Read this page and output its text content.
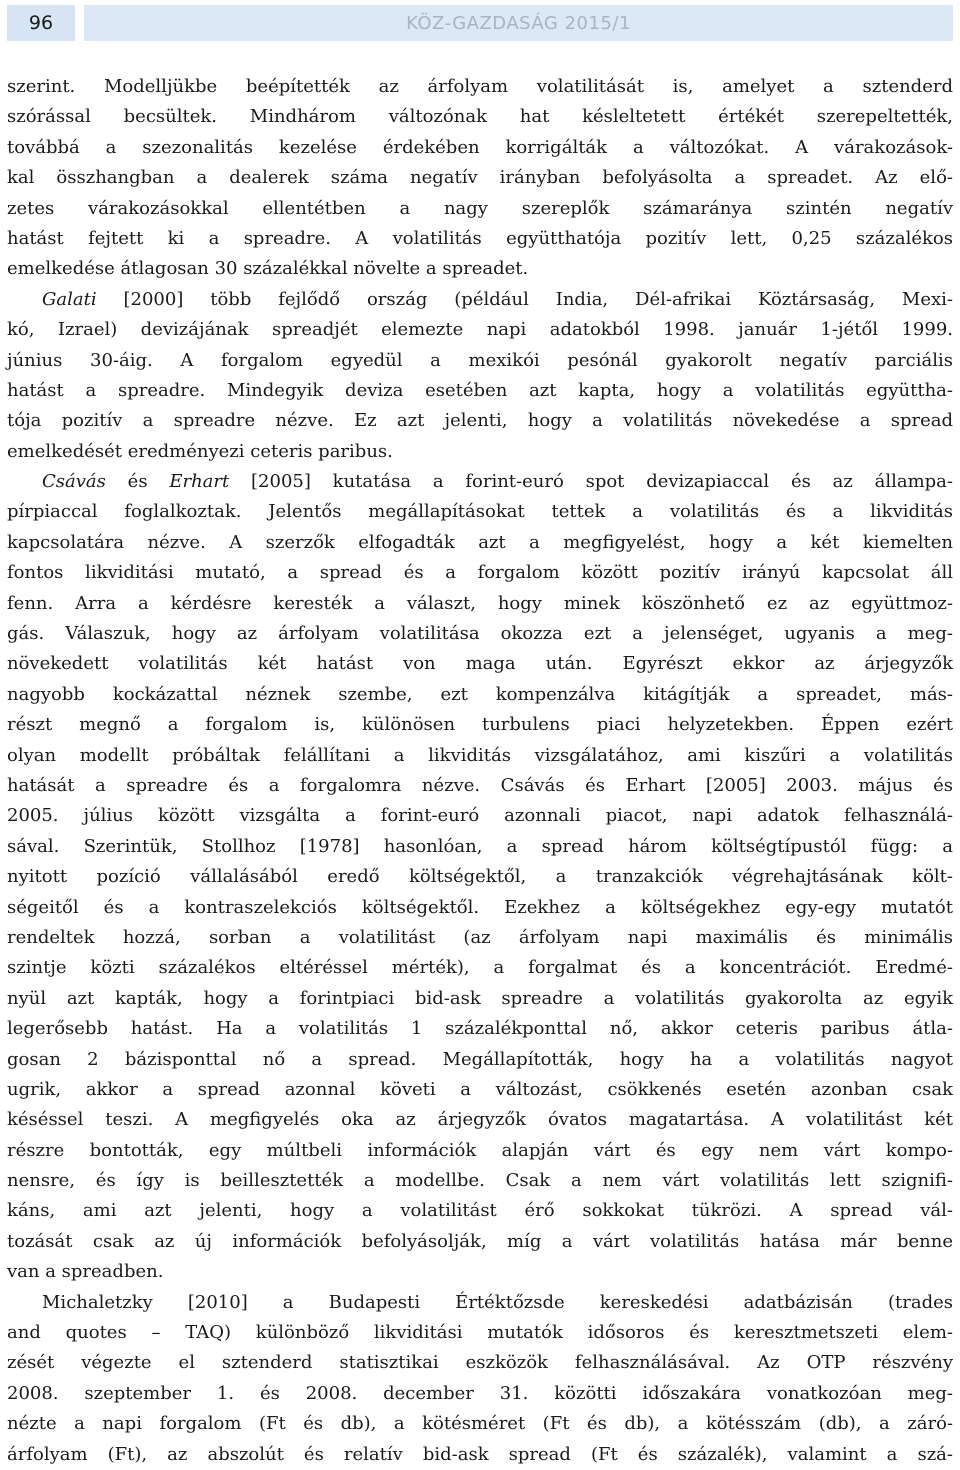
96	KÖZ-GAZDASÁG 2015/1
szerint. Modelljükbe beépítették az árfolyam volatilitását is, amelyet a sztenderd
szórással becsültek. Mindhárom változónak hat késleltetett értékét szerepeltették,
továbbá a szezonalitás kezelése érdekében korrigálták a változókat. A várakozások-
kal összhangban a dealerek száma negatív irányban befolyásolta a spreadet. Az elő-
zetes várakozásokkal ellentétben a nagy szereplők számaránya szintén negatív
hatást fejtett ki a spreadre. A volatilitás együtthatója pozitív lett, 0,25 százalékos
emelkedése átlagosan 30 százalékkal növelte a spreadet.
Galati [2000] több fejlődő ország (például India, Dél-afrikai Köztársaság, Mexi-
kó, Izrael) devizájának spreadjét elemezte napi adatokból 1998. január 1-jétől 1999.
június 30-áig. A forgalom egyedül a mexikói pesónál gyakorolt negatív parciális
hatást a spreadre. Mindegyik deviza esetében azt kapta, hogy a volatilitás együttha-
tója pozitív a spreadre nézve. Ez azt jelenti, hogy a volatilitás növekedése a spread
emelkedését eredményezi ceteris paribus.
Csávás és Erhart [2005] kutatása a forint-euró spot devizapiaccal és az állampa-
pírpiaccal foglalkoztak. Jelentős megállapításokat tettek a volatilitás és a likviditás
kapcsolatára nézve. A szerzők elfogadták azt a megfigyelést, hogy a két kiemelten
fontos likviditási mutató, a spread és a forgalom között pozitív irányú kapcsolat áll
fenn. Arra a kérdésre keresték a választ, hogy minek köszönhető ez az együttmoz-
gás. Válaszuk, hogy az árfolyam volatilitása okozza ezt a jelenséget, ugyanis a meg-
növekedett volatilitás két hatást von maga után. Egyrészt ekkor az árjegyzők
nagyobb kockázattal néznek szembe, ezt kompenzálva kitágítják a spreadet, más-
részt megnő a forgalom is, különösen turbulens piaci helyzetekben. Éppen ezért
olyan modellt próbáltak felállítani a likviditás vizsgálatához, ami kiszűri a volatilitás
hatását a spreadre és a forgalomra nézve. Csávás és Erhart [2005] 2003. május és
2005. július között vizsgálta a forint-euró azonnali piacot, napi adatok felhasználá-
sával. Szerintük, Stollhoz [1978] hasonlóan, a spread három költségtípustól függ: a
nyitott pozíció vállalásából eredő költségektől, a tranzakciók végrehajtásának költ-
ségeitől és a kontraszelekciós költségektől. Ezekhez a költségekhez egy-egy mutatót
rendeltek hozzá, sorban a volatilitást (az árfolyam napi maximális és minimális
szintje közti százalékos eltéréssel mérték), a forgalmat és a koncentrációt. Eredmé-
nyül azt kapták, hogy a forintpiaci bid-ask spreadre a volatilitás gyakorolta az egyik
legerősebb hatást. Ha a volatilitás 1 százalékponttal nő, akkor ceteris paribus átla-
gosan 2 bázisponttal nő a spread. Megállapították, hogy ha a volatilitás nagyot
ugrik, akkor a spread azonnal követi a változást, csökkenés esetén azonban csak
késéssel teszi. A megfigyelés oka az árjegyzők óvatos magatartása. A volatilitást két
részre bontották, egy múltbeli információk alapján várt és egy nem várt kompo-
nensre, és így is beillesztették a modellbe. Csak a nem várt volatilitás lett szignifi-
káns, ami azt jelenti, hogy a volatilitást érő sokkokat tükrözi. A spread vál-
tozását csak az új információk befolyásolják, míg a várt volatilitás hatása már benne
van a spreadben.
Michaletzky [2010] a Budapesti Értéktőzsde kereskedési adatbázisán (trades
and quotes – TAQ) különböző likviditási mutatók idősoros és keresztmetszeti elem-
zését végezte el sztenderd statisztikai eszközök felhasználásával. Az OTP részvény
2008. szeptember 1. és 2008. december 31. közötti időszakára vonatkozóan meg-
nézte a napi forgalom (Ft és db), a kötésméret (Ft és db), a kötésszám (db), a záró-
árfolyam (Ft), az abszolút és relatív bid-ask spread (Ft és százalék), valamint a szá-
